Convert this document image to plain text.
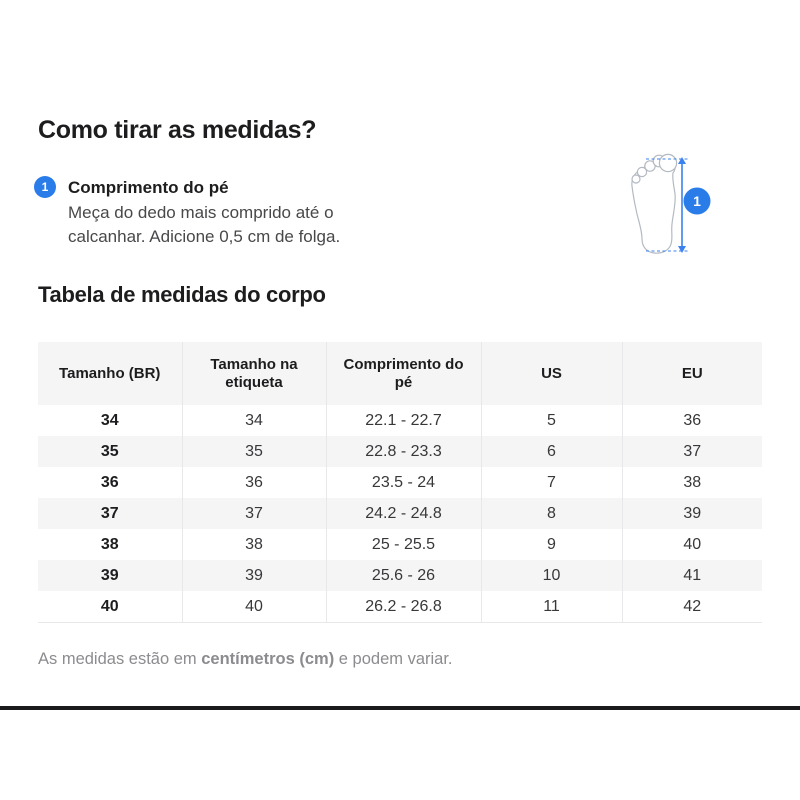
Como tirar as medidas?
1	Comprimento do pé
Meça do dedo mais comprido até o
calcanhar. Adicione 0,5 cm de folga.
1
Tabela de medidas do corpo
Tamanho (BR)	Tamanho na etiqueta	Comprimento do pé	US	EU
34	34	22.1 - 22.7	5	36
35	35	22.8 - 23.3	6	37
36	36	23.5 - 24	7	38
37	37	24.2 - 24.8	8	39
38	38	25 - 25.5	9	40
39	39	25.6 - 26	10	41
40	40	26.2 - 26.8	11	42
As medidas estão em centímetros (cm) e podem variar.
